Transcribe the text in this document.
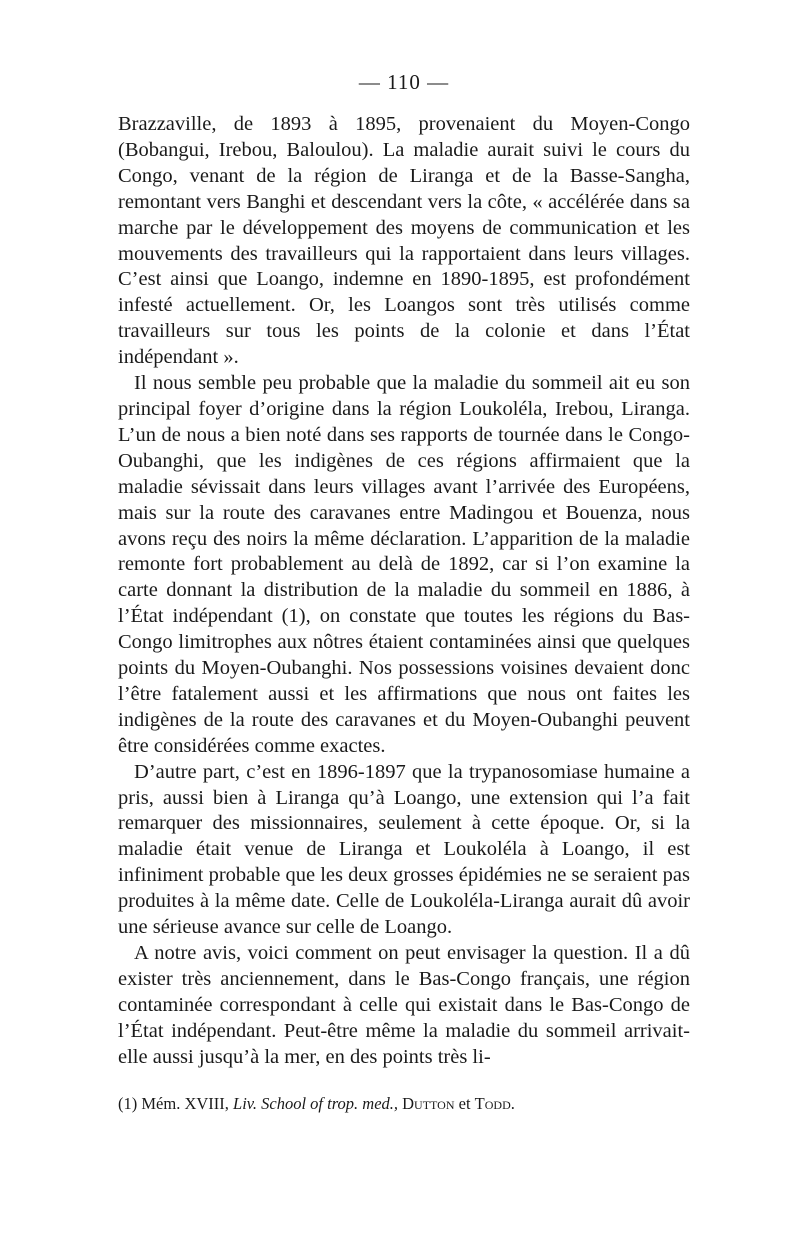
— 110 —

Brazzaville, de 1893 à 1895, provenaient du Moyen-Congo (Bobangui, Irebou, Baloulou). La maladie aurait suivi le cours du Congo, venant de la région de Liranga et de la Basse-Sangha, remontant vers Banghi et descendant vers la côte, « accélérée dans sa marche par le développement des moyens de communication et les mouvements des travailleurs qui la rapportaient dans leurs villages. C’est ainsi que Loango, indemne en 1890-1895, est profondément infesté actuellement. Or, les Loangos sont très utilisés comme travailleurs sur tous les points de la colonie et dans l’État indépendant ».

Il nous semble peu probable que la maladie du sommeil ait eu son principal foyer d’origine dans la région Loukoléla, Irebou, Liranga. L’un de nous a bien noté dans ses rapports de tournée dans le Congo-Oubanghi, que les indigènes de ces régions affirmaient que la maladie sévissait dans leurs villages avant l’arrivée des Européens, mais sur la route des caravanes entre Madingou et Bouenza, nous avons reçu des noirs la même déclaration. L’apparition de la maladie remonte fort probablement au delà de 1892, car si l’on examine la carte donnant la distribution de la maladie du sommeil en 1886, à l’État indépendant (1), on constate que toutes les régions du Bas-Congo limitrophes aux nôtres étaient contaminées ainsi que quelques points du Moyen-Oubanghi. Nos possessions voisines devaient donc l’être fatalement aussi et les affirmations que nous ont faites les indigènes de la route des caravanes et du Moyen-Oubanghi peuvent être considérées comme exactes.

D’autre part, c’est en 1896-1897 que la trypanosomiase humaine a pris, aussi bien à Liranga qu’à Loango, une extension qui l’a fait remarquer des missionnaires, seulement à cette époque. Or, si la maladie était venue de Liranga et Loukoléla à Loango, il est infiniment probable que les deux grosses épidémies ne se seraient pas produites à la même date. Celle de Loukoléla-Liranga aurait dû avoir une sérieuse avance sur celle de Loango.

A notre avis, voici comment on peut envisager la question. Il a dû exister très anciennement, dans le Bas-Congo français, une région contaminée correspondant à celle qui existait dans le Bas-Congo de l’État indépendant. Peut-être même la maladie du sommeil arrivait-elle aussi jusqu’à la mer, en des points très li-

(1) Mém. XVIII, Liv. School of trop. med., Dutton et Todd.
